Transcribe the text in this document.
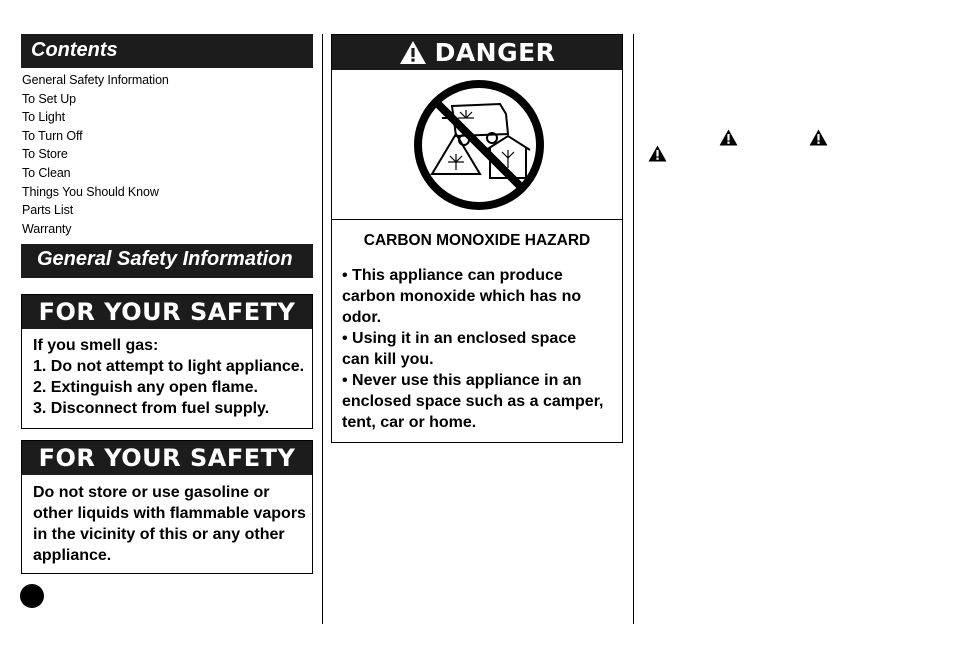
Contents
General Safety Information
To Set Up
To Light
To Turn Off
To Store
To Clean
Things You Should Know
Parts List
Warranty
General Safety Information
FOR YOUR SAFETY
If you smell gas:
1. Do not attempt to light appliance.
2. Extinguish any open flame.
3. Disconnect from fuel supply.
FOR YOUR SAFETY
Do not store or use gasoline or
other liquids with flammable vapors
in the vicinity of this or any other
appliance.
DANGER
CARBON MONOXIDE HAZARD
• This appliance can produce
carbon monoxide which has no
odor.
• Using it in an enclosed space
can kill you.
• Never use this appliance in an
enclosed space such as a camper,
tent, car or home.
